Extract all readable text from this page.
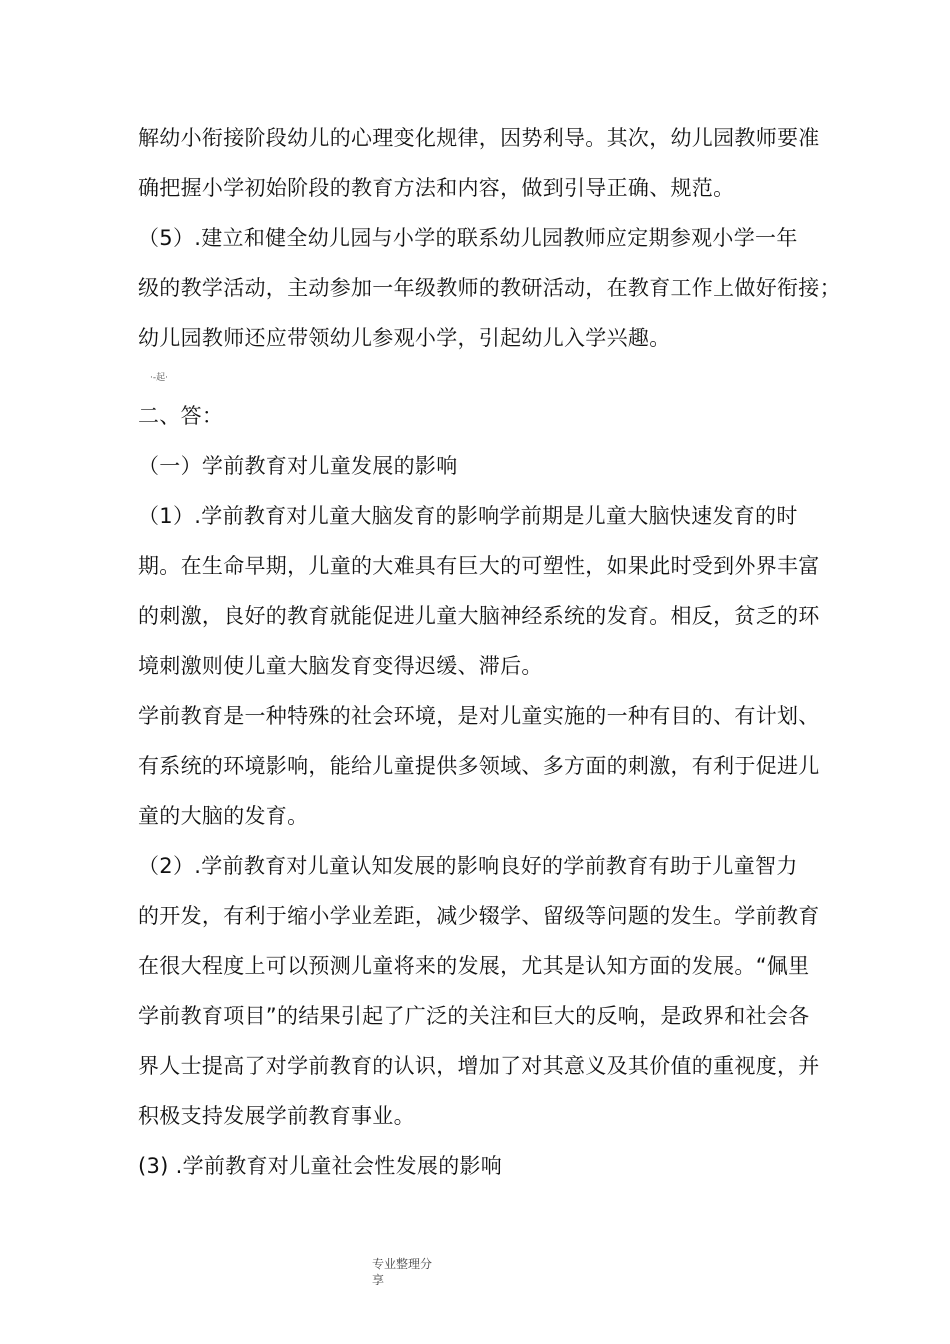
解幼小衔接阶段幼儿的心理变化规律，因势利导。其次，幼儿园教师要准
确把握小学初始阶段的教育方法和内容，做到引导正确、规范。
（5）.建立和健全幼儿园与小学的联系幼儿园教师应定期参观小学一年
级的教学活动，主动参加一年级教师的教研活动，在教育工作上做好衔接；
幼儿园教师还应带领幼儿参观小学，引起幼儿入学兴趣。
·-起·
二、答：
（一）学前教育对儿童发展的影响
（1）.学前教育对儿童大脑发育的影响学前期是儿童大脑快速发育的时
期。在生命早期，儿童的大难具有巨大的可塑性，如果此时受到外界丰富
的刺激，良好的教育就能促进儿童大脑神经系统的发育。相反，贫乏的环
境刺激则使儿童大脑发育变得迟缓、滞后。
学前教育是一种特殊的社会环境，是对儿童实施的一种有目的、有计划、
有系统的环境影响，能给儿童提供多领域、多方面的刺激，有利于促进儿
童的大脑的发育。
（2）.学前教育对儿童认知发展的影响良好的学前教育有助于儿童智力
的开发，有利于缩小学业差距，减少辍学、留级等问题的发生。学前教育
在很大程度上可以预测儿童将来的发展，尤其是认知方面的发展。“佩里
学前教育项目”的结果引起了广泛的关注和巨大的反响，是政界和社会各
界人士提高了对学前教育的认识，增加了对其意义及其价值的重视度，并
积极支持发展学前教育事业。
(3) .学前教育对儿童社会性发展的影响
专业整理分
享
